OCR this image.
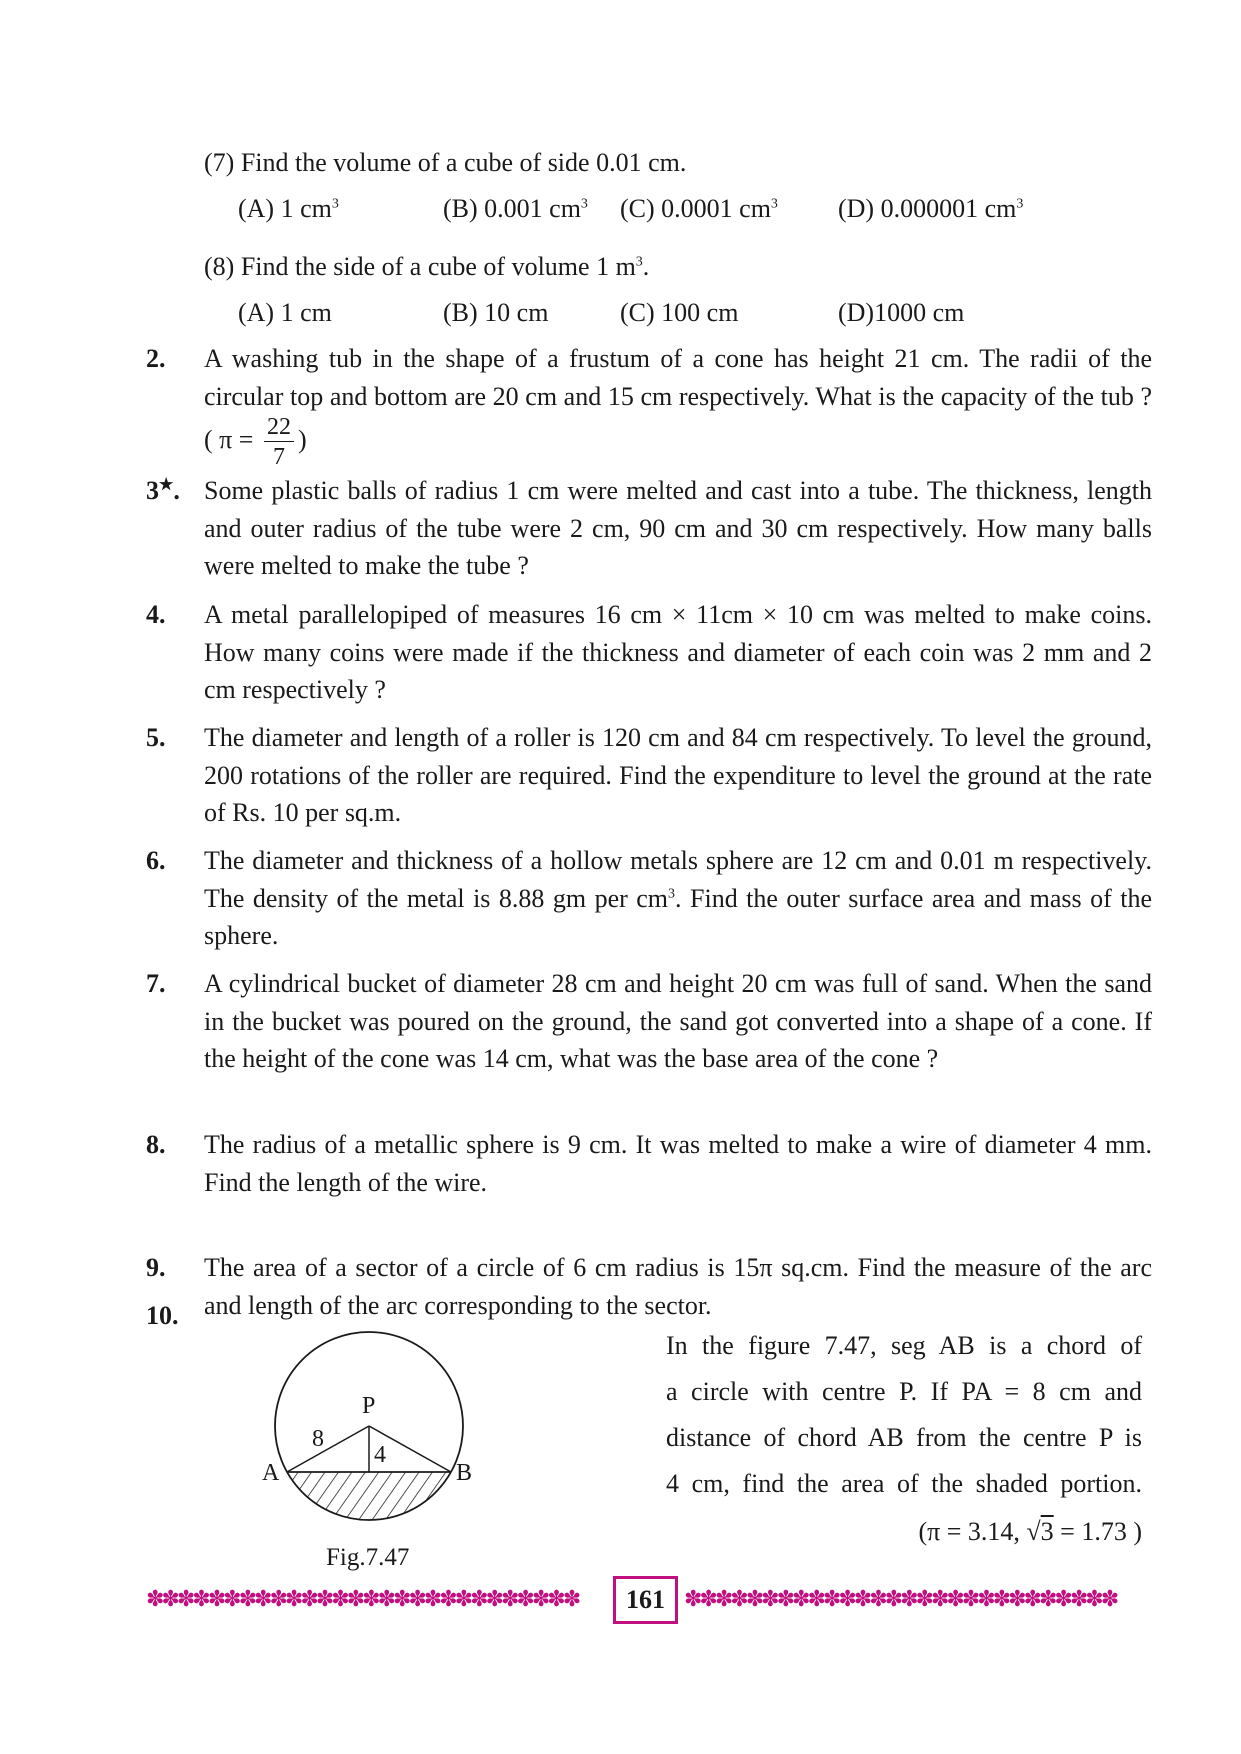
(7) Find the volume of a cube of side 0.01 cm.
(A) 1 $cm^3$	(B) 0.001 $cm^3$ (C) 0.0001 $cm^3$ (D) 0.000001 $cm^3$
(8) Find the side of a cube of volume 1 $m^3$.
(A) 1 cm	(B) 10 cm	(C) 100 cm	(D)1000 cm
2. A washing tub in the shape of a frustum of a cone has height 21 cm. The radii of the circular top and bottom are 20 cm and 15 cm respectively. What is the capacity of the tub ? ( $\pi = \frac{22}{7}$ )
3★. Some plastic balls of radius 1 cm were melted and cast into a tube. The thickness, length and outer radius of the tube were 2 cm, 90 cm and 30 cm respectively. How many balls were melted to make the tube ?
4. A metal parallelopiped of measures 16 cm × 11cm × 10 cm was melted to make coins. How many coins were made if the thickness and diameter of each coin was 2 mm and 2 cm respectively ?
5. The diameter and length of a roller is 120 cm and 84 cm respectively. To level the ground, 200 rotations of the roller are required. Find the expenditure to level the ground at the rate of Rs. 10 per sq.m.
6. The diameter and thickness of a hollow metals sphere are 12 cm and 0.01 m respectively. The density of the metal is 8.88 gm per $cm^3$. Find the outer surface area and mass of the sphere.
7. A cylindrical bucket of diameter 28 cm and height 20 cm was full of sand. When the sand in the bucket was poured on the ground, the sand got converted into a shape of a cone. If the height of the cone was 14 cm, what was the base area of the cone ?
8. The radius of a metallic sphere is 9 cm. It was melted to make a wire of diameter 4 mm. Find the length of the wire.
9. The area of a sector of a circle of 6 cm radius is 15π sq.cm. Find the measure of the arc and length of the arc corresponding to the sector.
10.
In the figure 7.47, seg AB is a chord of
a circle with centre P. If PA = 8 cm and
distance of chord AB from the centre P is
4 cm, find the area of the shaded portion.
(π = 3.14, √3 = 1.73 )
P
A	B
8
4
Fig.7.47
✽✽✽✽✽✽✽✽✽✽✽✽✽✽✽✽✽✽✽✽✽✽✽✽✽✽✽✽	161 ✽✽✽✽✽✽✽✽✽✽✽✽✽✽✽✽✽✽✽✽✽✽✽✽✽✽✽✽
